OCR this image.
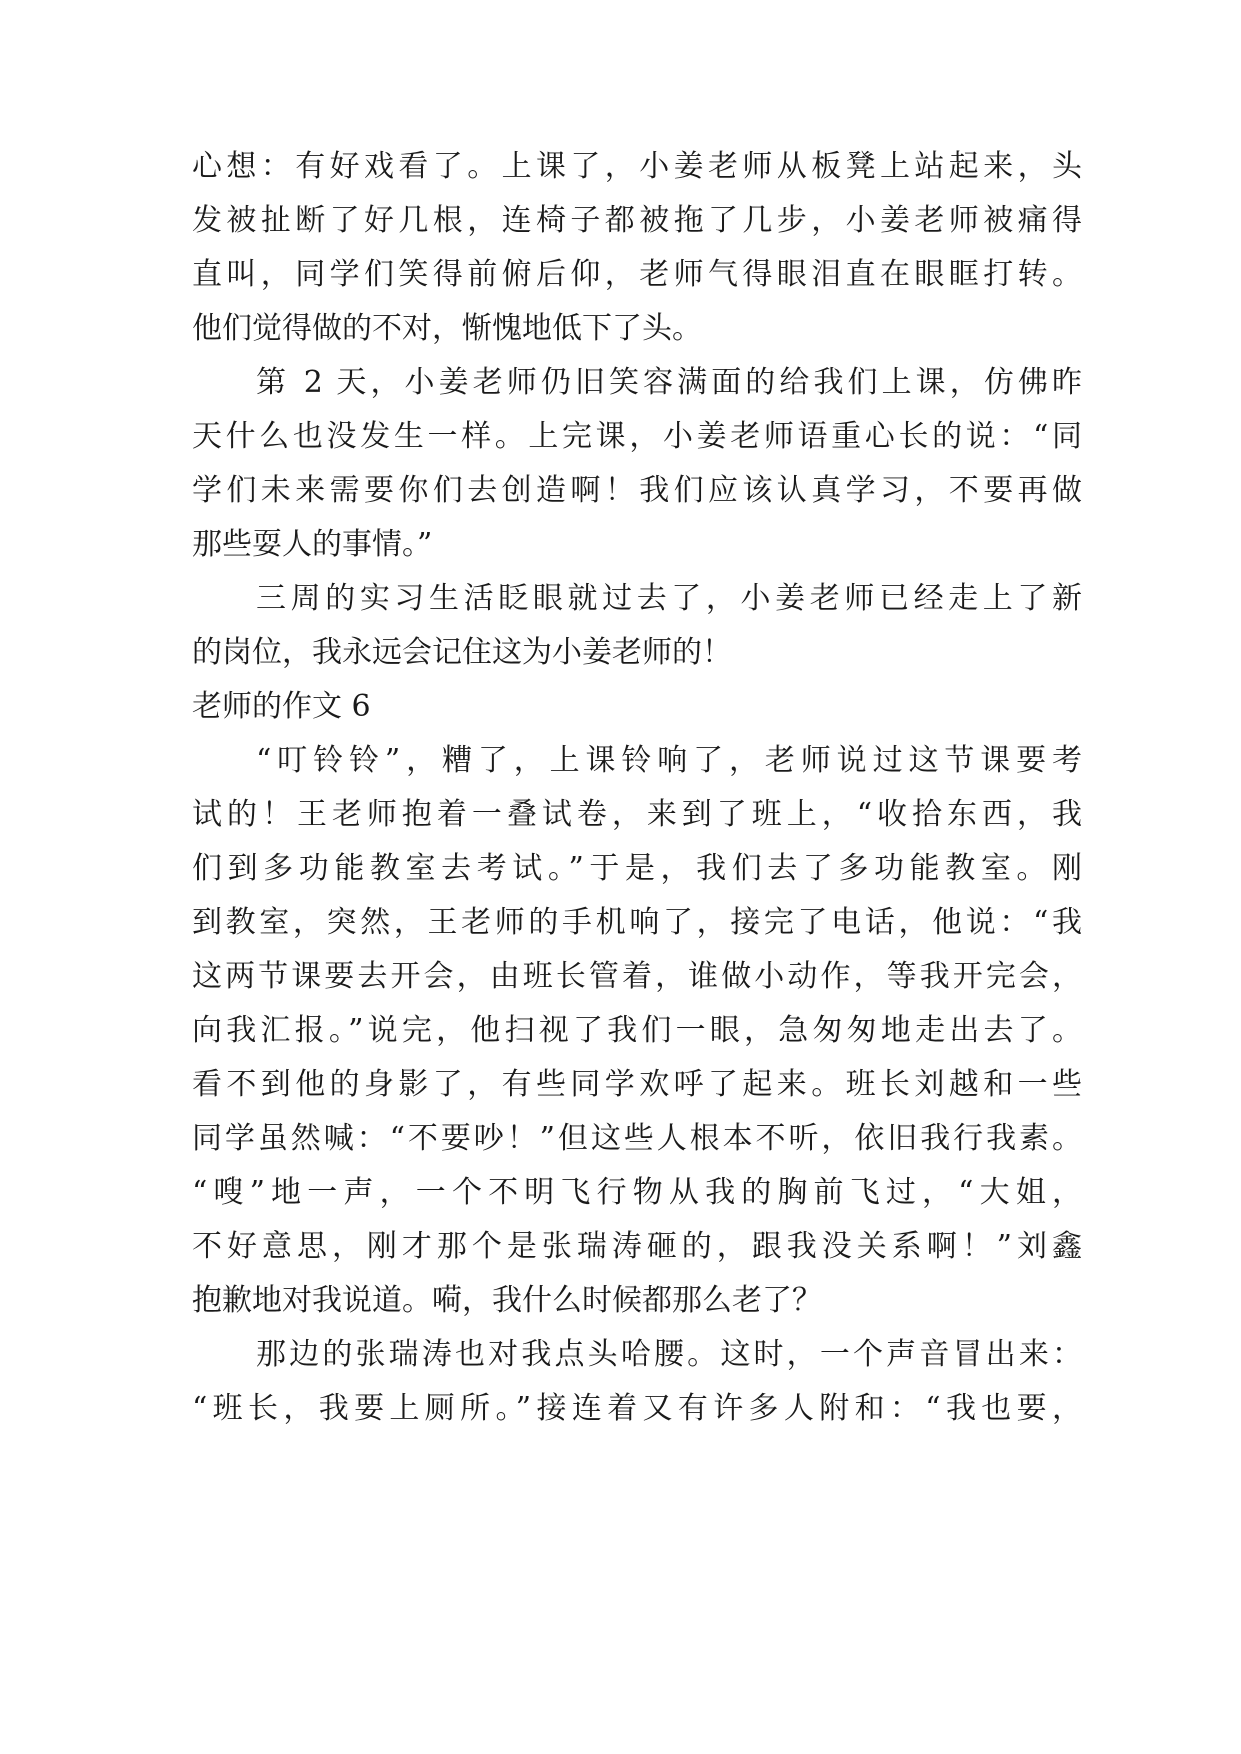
心想：有好戏看了。上课了，小姜老师从板凳上站起来，头
发被扯断了好几根，连椅子都被拖了几步，小姜老师被痛得
直叫，同学们笑得前俯后仰，老师气得眼泪直在眼眶打转。
他们觉得做的不对，惭愧地低下了头。
第 2 天，小姜老师仍旧笑容满面的给我们上课，仿佛昨
天什么也没发生一样。上完课，小姜老师语重心长的说：“同
学们未来需要你们去创造啊！我们应该认真学习，不要再做
那些耍人的事情。”
三周的实习生活眨眼就过去了，小姜老师已经走上了新
的岗位，我永远会记住这为小姜老师的！
老师的作文 6
“叮铃铃”，糟了，上课铃响了，老师说过这节课要考
试的！王老师抱着一叠试卷，来到了班上，“收拾东西，我
们到多功能教室去考试。”于是，我们去了多功能教室。刚
到教室，突然，王老师的手机响了，接完了电话，他说：“我
这两节课要去开会，由班长管着，谁做小动作，等我开完会，
向我汇报。”说完，他扫视了我们一眼，急匆匆地走出去了。
看不到他的身影了，有些同学欢呼了起来。班长刘越和一些
同学虽然喊：“不要吵！”但这些人根本不听，依旧我行我素。
“嗖”地一声，一个不明飞行物从我的胸前飞过，“大姐，
不好意思，刚才那个是张瑞涛砸的，跟我没关系啊！”刘鑫
抱歉地对我说道。嗬，我什么时候都那么老了？
那边的张瑞涛也对我点头哈腰。这时，一个声音冒出来：
“班长，我要上厕所。”接连着又有许多人附和：“我也要，
